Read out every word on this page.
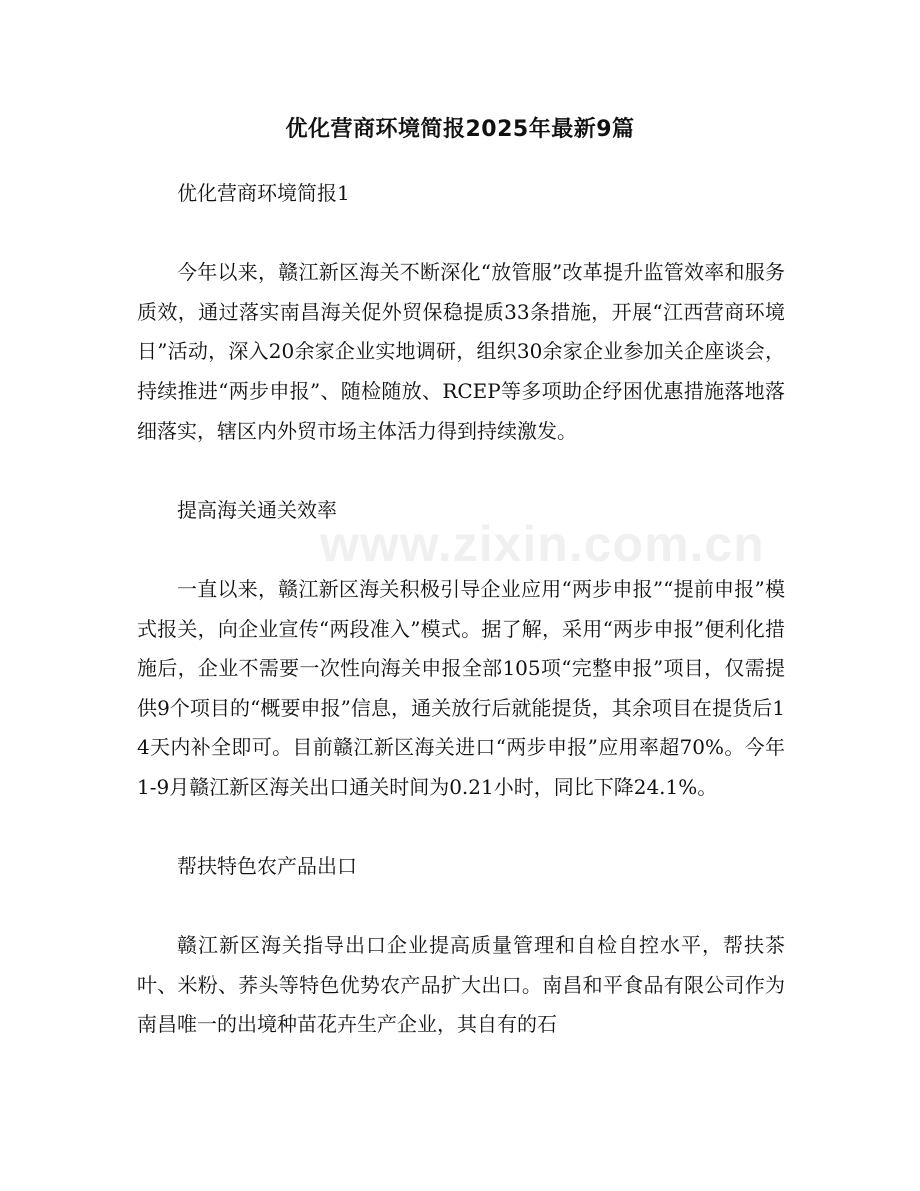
www.zixin.com.cn
优化营商环境简报2025年最新9篇

优化营商环境简报1

今年以来，赣江新区海关不断深化“放管服”改革提升监管效率和服务质效，通过落实南昌海关促外贸保稳提质33条措施，开展“江西营商环境日”活动，深入20余家企业实地调研，组织30余家企业参加关企座谈会，持续推进“两步申报”、随检随放、RCEP等多项助企纾困优惠措施落地落细落实，辖区内外贸市场主体活力得到持续激发。

提高海关通关效率

一直以来，赣江新区海关积极引导企业应用“两步申报”“提前申报”模式报关，向企业宣传“两段准入”模式。据了解，采用“两步申报”便利化措施后，企业不需要一次性向海关申报全部105项“完整申报”项目，仅需提供9个项目的“概要申报”信息，通关放行后就能提货，其余项目在提货后14天内补全即可。目前赣江新区海关进口“两步申报”应用率超70%。今年1-9月赣江新区海关出口通关时间为0.21小时，同比下降24.1%。

帮扶特色农产品出口

赣江新区海关指导出口企业提高质量管理和自检自控水平，帮扶茶叶、米粉、荞头等特色优势农产品扩大出口。南昌和平食品有限公司作为南昌唯一的出境种苗花卉生产企业，其自有的石
